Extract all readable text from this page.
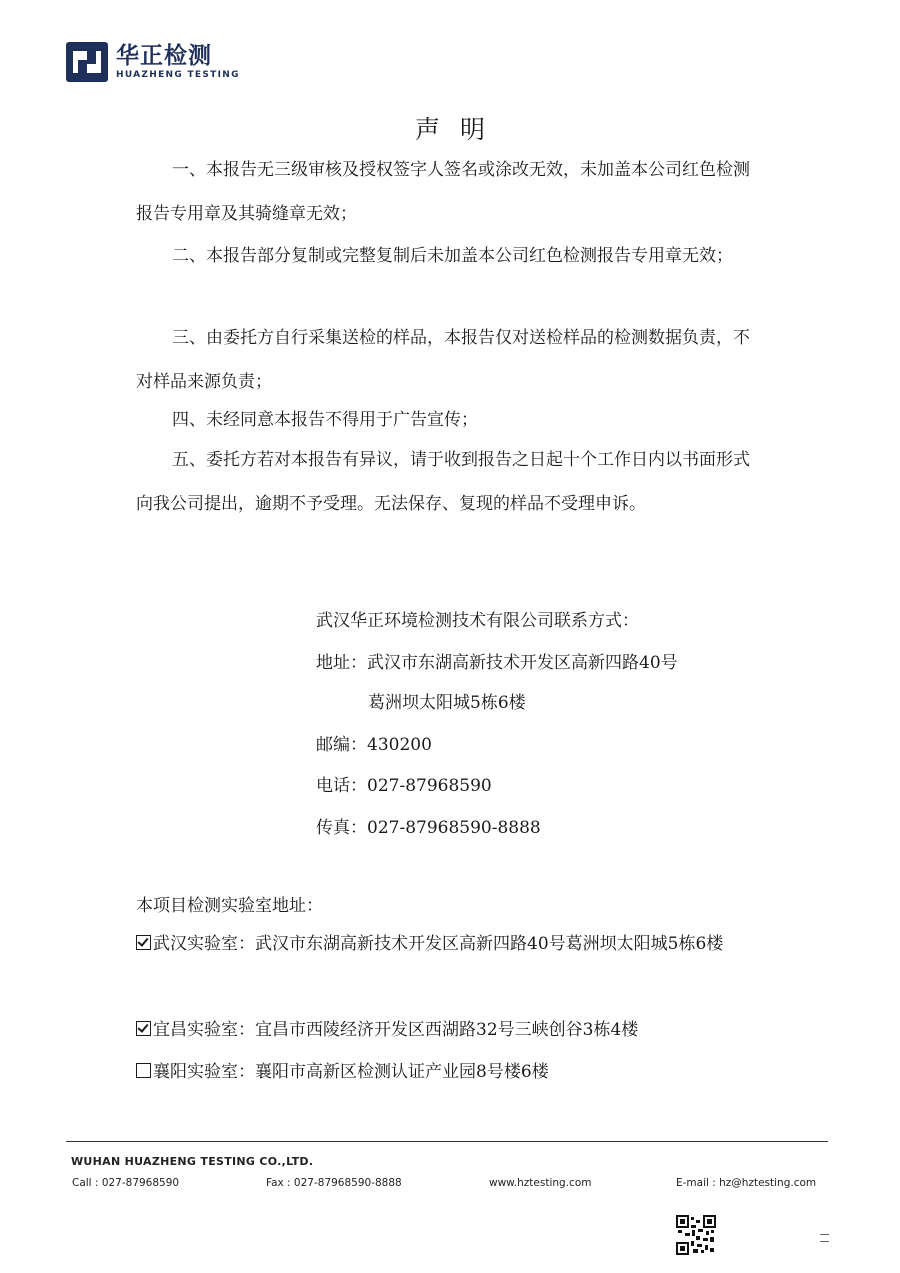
华正检测
HUAZHENG TESTING
声明

一、本报告无三级审核及授权签字人签名或涂改无效，未加盖本公司红色检测报告专用章及其骑缝章无效；

二、本报告部分复制或完整复制后未加盖本公司红色检测报告专用章无效；

三、由委托方自行采集送检的样品，本报告仅对送检样品的检测数据负责，不对样品来源负责；

四、未经同意本报告不得用于广告宣传；

五、委托方若对本报告有异议，请于收到报告之日起十个工作日内以书面形式向我公司提出，逾期不予受理。无法保存、复现的样品不受理申诉。

武汉华正环境检测技术有限公司联系方式：
地址：武汉市东湖高新技术开发区高新四路40号
葛洲坝太阳城5栋6楼
邮编：430200
电话：027-87968590
传真：027-87968590-8888
本项目检测实验室地址：
武汉实验室：武汉市东湖高新技术开发区高新四路40号葛洲坝太阳城5栋6楼
宜昌实验室：宜昌市西陵经济开发区西湖路32号三峡创谷3栋4楼
襄阳实验室：襄阳市高新区检测认证产业园8号楼6楼
WUHAN HUAZHENG TESTING CO.,LTD.
Call : 027-87968590	Fax : 027-87968590-8888	www.hztesting.com	E-mail : hz@hztesting.com
